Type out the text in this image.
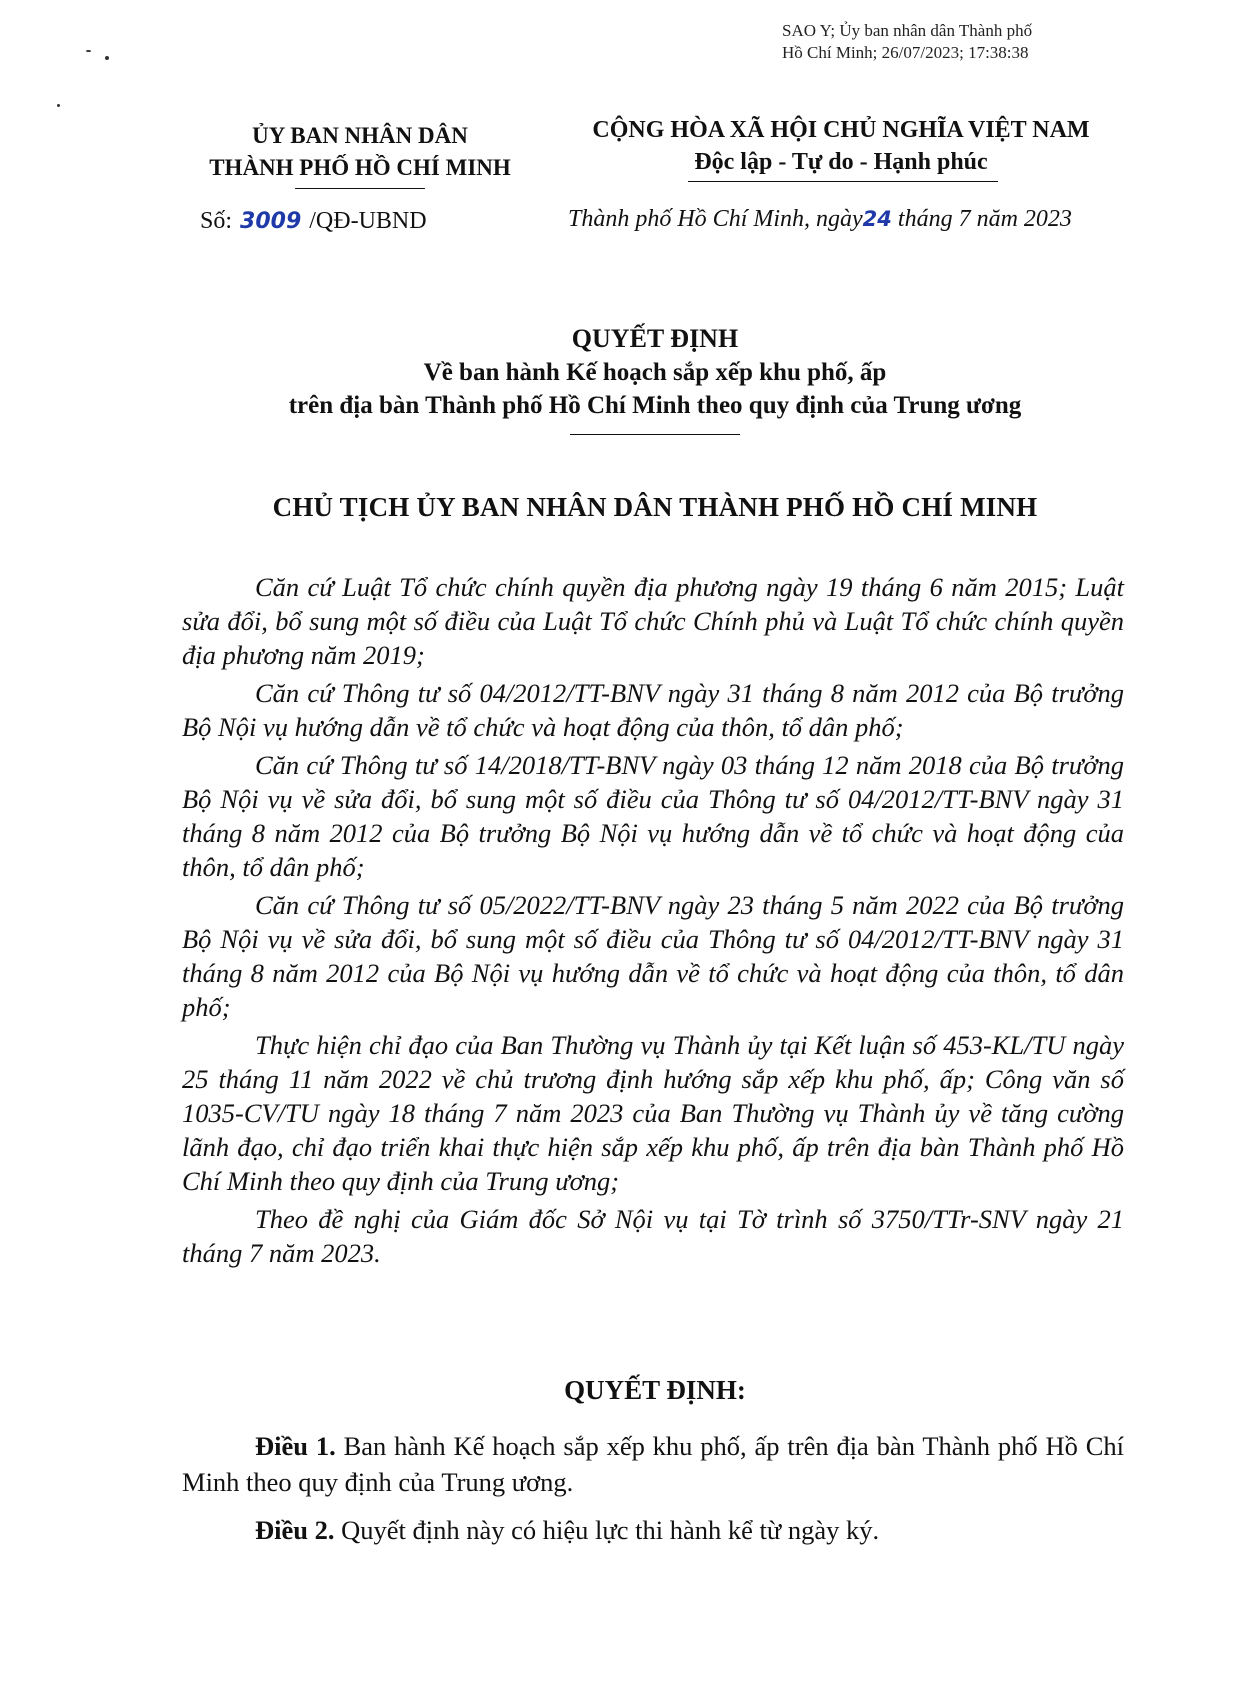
SAO Y; Ủy ban nhân dân Thành phố
Hồ Chí Minh; 26/07/2023; 17:38:38
ỦY BAN NHÂN DÂN
THÀNH PHỐ HỒ CHÍ MINH
CỘNG HÒA XÃ HỘI CHỦ NGHĨA VIỆT NAM
Độc lập - Tự do - Hạnh phúc
Số: 3009 /QĐ-UBND	Thành phố Hồ Chí Minh, ngày24 tháng 7 năm 2023
QUYẾT ĐỊNH
Về ban hành Kế hoạch sắp xếp khu phố, ấp
trên địa bàn Thành phố Hồ Chí Minh theo quy định của Trung ương
CHỦ TỊCH ỦY BAN NHÂN DÂN THÀNH PHỐ HỒ CHÍ MINH

Căn cứ Luật Tổ chức chính quyền địa phương ngày 19 tháng 6 năm 2015; Luật sửa đổi, bổ sung một số điều của Luật Tổ chức Chính phủ và Luật Tổ chức chính quyền địa phương năm 2019;

Căn cứ Thông tư số 04/2012/TT-BNV ngày 31 tháng 8 năm 2012 của Bộ trưởng Bộ Nội vụ hướng dẫn về tổ chức và hoạt động của thôn, tổ dân phố;

Căn cứ Thông tư số 14/2018/TT-BNV ngày 03 tháng 12 năm 2018 của Bộ trưởng Bộ Nội vụ về sửa đổi, bổ sung một số điều của Thông tư số 04/2012/TT-BNV ngày 31 tháng 8 năm 2012 của Bộ trưởng Bộ Nội vụ hướng dẫn về tổ chức và hoạt động của thôn, tổ dân phố;

Căn cứ Thông tư số 05/2022/TT-BNV ngày 23 tháng 5 năm 2022 của Bộ trưởng Bộ Nội vụ về sửa đổi, bổ sung một số điều của Thông tư số 04/2012/TT-BNV ngày 31 tháng 8 năm 2012 của Bộ Nội vụ hướng dẫn về tổ chức và hoạt động của thôn, tổ dân phố;

Thực hiện chỉ đạo của Ban Thường vụ Thành ủy tại Kết luận số 453-KL/TU ngày 25 tháng 11 năm 2022 về chủ trương định hướng sắp xếp khu phố, ấp; Công văn số 1035-CV/TU ngày 18 tháng 7 năm 2023 của Ban Thường vụ Thành ủy về tăng cường lãnh đạo, chỉ đạo triển khai thực hiện sắp xếp khu phố, ấp trên địa bàn Thành phố Hồ Chí Minh theo quy định của Trung ương;

Theo đề nghị của Giám đốc Sở Nội vụ tại Tờ trình số 3750/TTr-SNV ngày 21 tháng 7 năm 2023.

QUYẾT ĐỊNH:

Điều 1. Ban hành Kế hoạch sắp xếp khu phố, ấp trên địa bàn Thành phố Hồ Chí Minh theo quy định của Trung ương.

Điều 2. Quyết định này có hiệu lực thi hành kể từ ngày ký.
